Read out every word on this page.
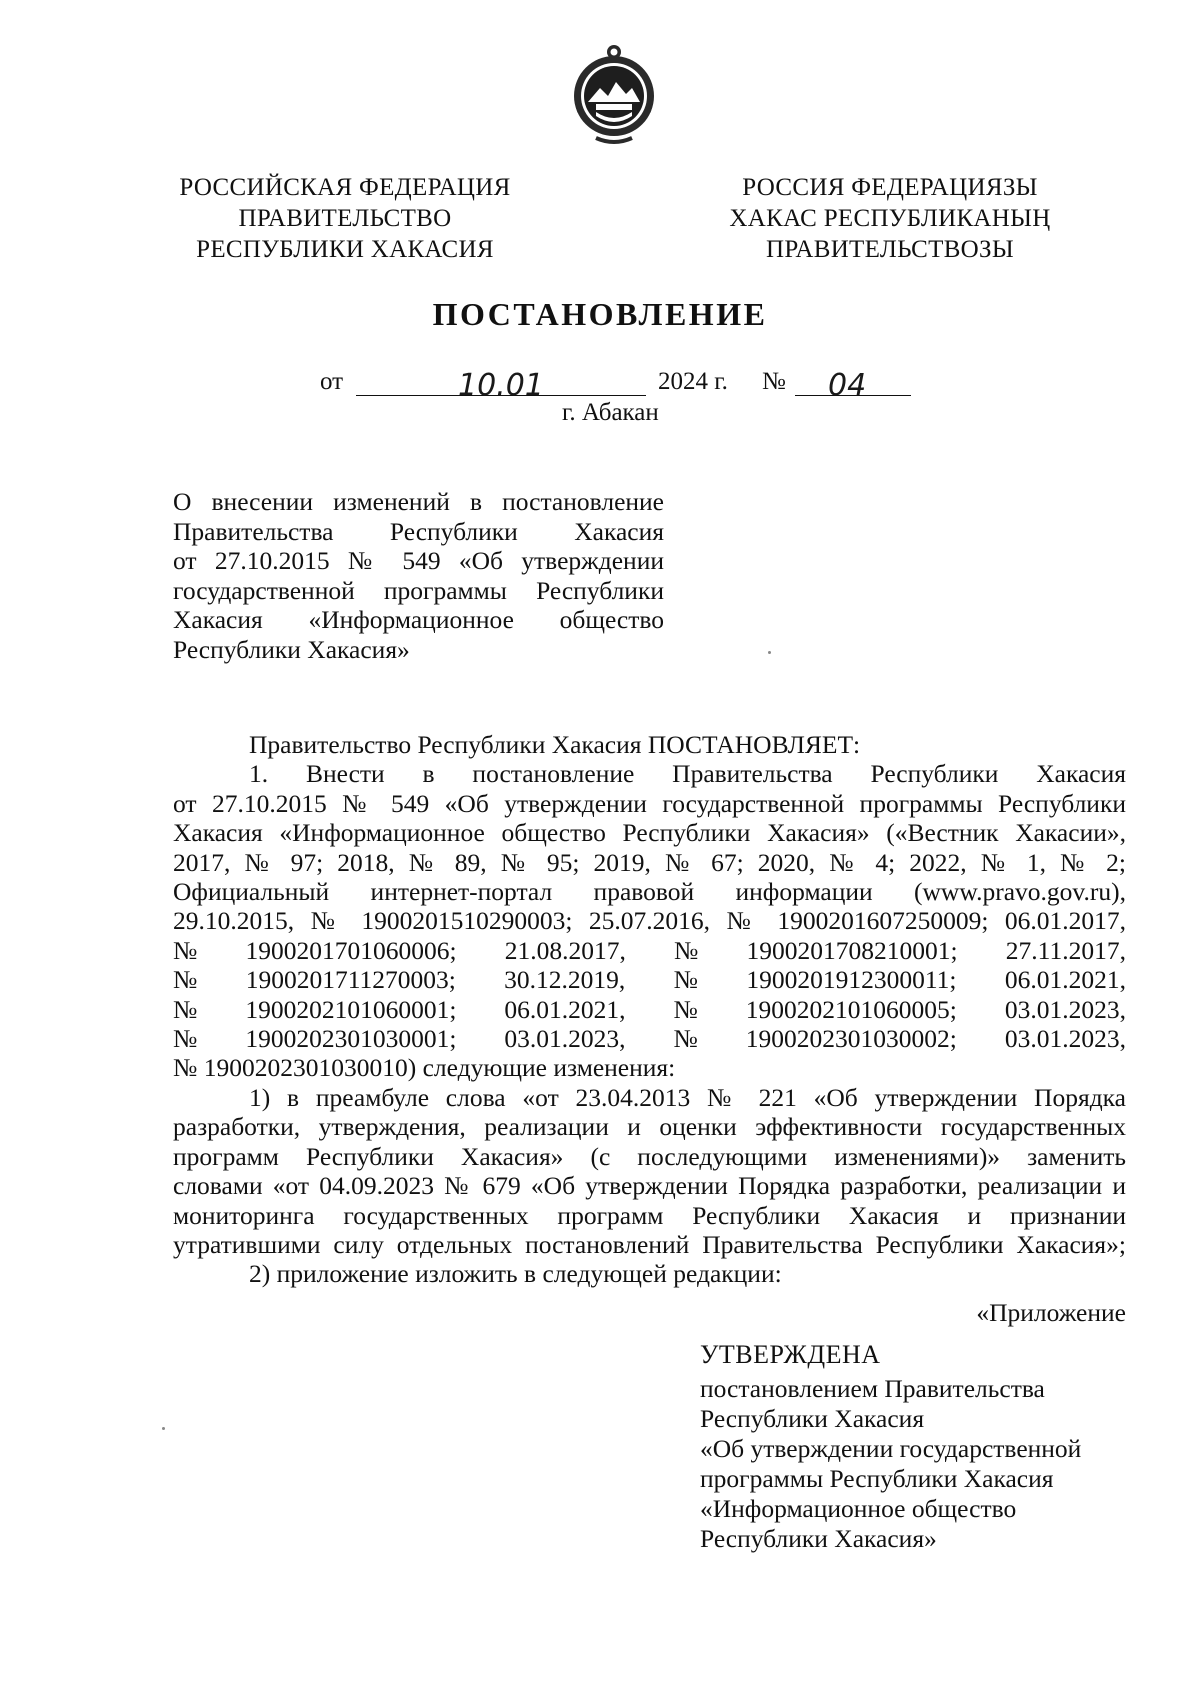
РОССИЙСКАЯ ФЕДЕРАЦИЯ
ПРАВИТЕЛЬСТВО
РЕСПУБЛИКИ ХАКАСИЯ
РОССИЯ ФЕДЕРАЦИЯЗЫ
ХАКАС РЕСПУБЛИКАНЫҢ
ПРАВИТЕЛЬСТВОЗЫ
ПОСТАНОВЛЕНИЕ
от	10.01	2024 г. № 04
г. Абакан
О внесении изменений в постановление
Правительства Республики Хакасия
от 27.10.2015 № 549 «Об утверждении
государственной программы Республики
Хакасия «Информационное общество
Республики Хакасия»
Правительство Республики Хакасия ПОСТАНОВЛЯЕТ:
1. Внести в постановление Правительства Республики Хакасия
от 27.10.2015 № 549 «Об утверждении государственной программы Республики
Хакасия «Информационное общество Республики Хакасия» («Вестник Хакасии»,
2017, № 97; 2018, № 89, № 95; 2019, № 67; 2020, № 4; 2022, № 1, № 2;
Официальный интернет-портал правовой информации (www.pravo.gov.ru),
29.10.2015, № 1900201510290003; 25.07.2016, № 1900201607250009; 06.01.2017,
№ 1900201701060006; 21.08.2017, № 1900201708210001; 27.11.2017,
№ 1900201711270003; 30.12.2019, № 1900201912300011; 06.01.2021,
№ 1900202101060001; 06.01.2021, № 1900202101060005; 03.01.2023,
№ 1900202301030001; 03.01.2023, № 1900202301030002; 03.01.2023,
№ 1900202301030010) следующие изменения:
1) в преамбуле слова «от 23.04.2013 № 221 «Об утверждении Порядка
разработки, утверждения, реализации и оценки эффективности государственных
программ Республики Хакасия» (с последующими изменениями)» заменить
словами «от 04.09.2023 № 679 «Об утверждении Порядка разработки, реализации и
мониторинга государственных программ Республики Хакасия и признании
утратившими силу отдельных постановлений Правительства Республики Хакасия»;
2) приложение изложить в следующей редакции:
«Приложение
УТВЕРЖДЕНА
постановлением Правительства
Республики Хакасия
«Об утверждении государственной
программы Республики Хакасия
«Информационное общество
Республики Хакасия»
